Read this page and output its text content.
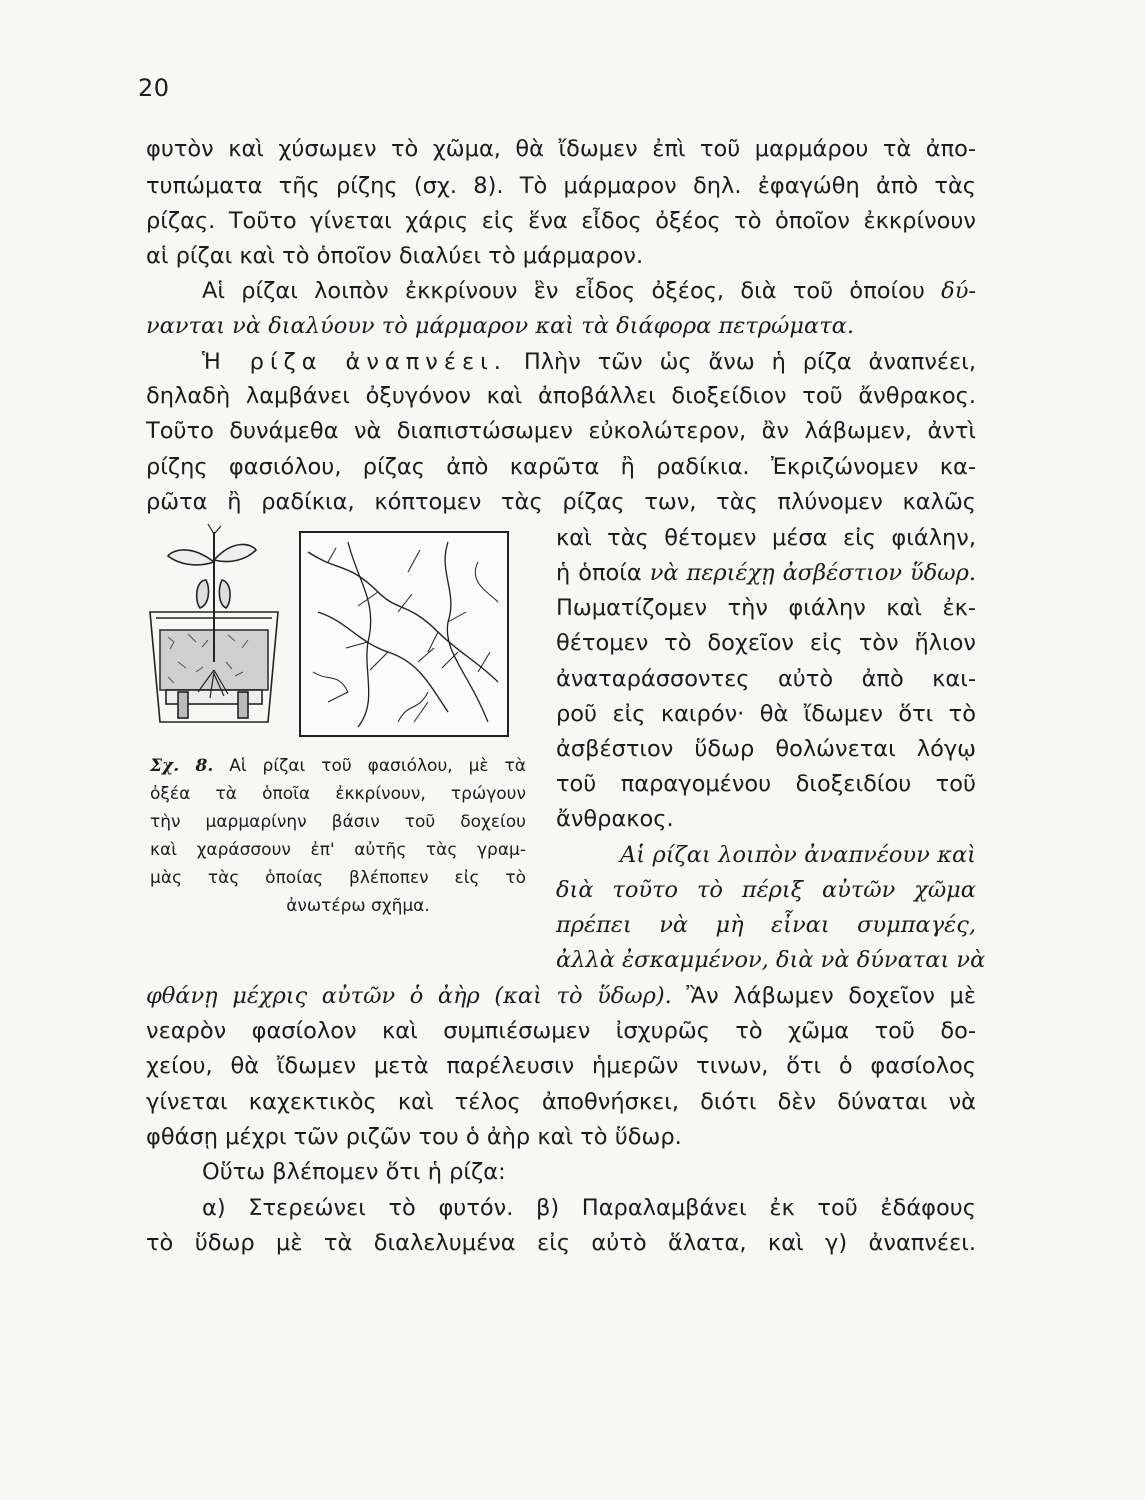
20
φυτὸν καὶ χύσωμεν τὸ χῶμα, θὰ ἴδωμεν ἐπὶ τοῦ μαρμάρου τὰ ἀπο-
τυπώματα τῆς ρίζης (σχ. 8). Τὸ μάρμαρον δηλ. ἐφαγώθη ἀπὸ τὰς
ρίζας. Τοῦτο γίνεται χάρις εἰς ἕνα εἶδος ὀξέος τὸ ὁποῖον ἐκκρίνουν
αἱ ρίζαι καὶ τὸ ὁποῖον διαλύει τὸ μάρμαρον.
Αἱ ρίζαι λοιπὸν ἐκκρίνουν ἓν εἶδος ὀξέος, διὰ τοῦ ὁποίου δύ-
νανται νὰ διαλύουν τὸ μάρμαρον καὶ τὰ διάφορα πετρώματα.
Ἡ ρίζα ἀναπνέει. Πλὴν τῶν ὡς ἄνω ἡ ρίζα ἀναπνέει,
δηλαδὴ λαμβάνει ὀξυγόνον καὶ ἀποβάλλει διοξείδιον τοῦ ἄνθρακος.
Τοῦτο δυνάμεθα νὰ διαπιστώσωμεν εὐκολώτερον, ἂν λάβωμεν, ἀντὶ
ρίζης φασιόλου, ρίζας ἀπὸ καρῶτα ἢ ραδίκια. Ἐκριζώνομεν κα-
ρῶτα ἢ ραδίκια, κόπτομεν τὰς ρίζας των, τὰς πλύνομεν καλῶς
καὶ τὰς θέτομεν μέσα εἰς φιάλην,
ἡ ὁποία νὰ περιέχῃ ἀσβέστιον ὕδωρ.
Πωματίζομεν τὴν φιάλην καὶ ἐκ-
θέτομεν τὸ δοχεῖον εἰς τὸν ἥλιον
ἀναταράσσοντες αὐτὸ ἀπὸ και-
ροῦ εἰς καιρόν· θὰ ἴδωμεν ὅτι τὸ
ἀσβέστιον ὕδωρ θολώνεται λόγῳ
τοῦ παραγομένου διοξειδίου τοῦ
ἄνθρακος.
Αἱ ρίζαι λοιπὸν ἀναπνέουν καὶ
διὰ τοῦτο τὸ πέριξ αὐτῶν χῶμα
πρέπει νὰ μὴ εἶναι συμπαγές,
ἀλλὰ ἐσκαμμένον, διὰ νὰ δύναται νὰ
φθάνῃ μέχρις αὐτῶν ὁ ἀὴρ (καὶ τὸ ὕδωρ). Ἂν λάβωμεν δοχεῖον μὲ
νεαρὸν φασίολον καὶ συμπιέσωμεν ἰσχυρῶς τὸ χῶμα τοῦ δο-
χείου, θὰ ἴδωμεν μετὰ παρέλευσιν ἡμερῶν τινων, ὅτι ὁ φασίολος
γίνεται καχεκτικὸς καὶ τέλος ἀποθνήσκει, διότι δὲν δύναται νὰ
φθάσῃ μέχρι τῶν ριζῶν του ὁ ἀὴρ καὶ τὸ ὕδωρ.
Οὕτω βλέπομεν ὅτι ἡ ρίζα:
α) Στερεώνει τὸ φυτόν. β) Παραλαμβάνει ἐκ τοῦ ἐδάφους
τὸ ὕδωρ μὲ τὰ διαλελυμένα εἰς αὐτὸ ἅλατα, καὶ γ) ἀναπνέει.
Σχ. 8. Αἱ ρίζαι τοῦ φασιόλου, μὲ τὰ
ὀξέα τὰ ὁποῖα ἐκκρίνουν, τρώγουν
τὴν μαρμαρίνην βάσιν τοῦ δοχείου
καὶ χαράσσουν ἐπ' αὐτῆς τὰς γραμ-
μὰς τὰς ὁποίας βλέποπεν εἰς τὸ
ἀνωτέρω σχῆμα.
